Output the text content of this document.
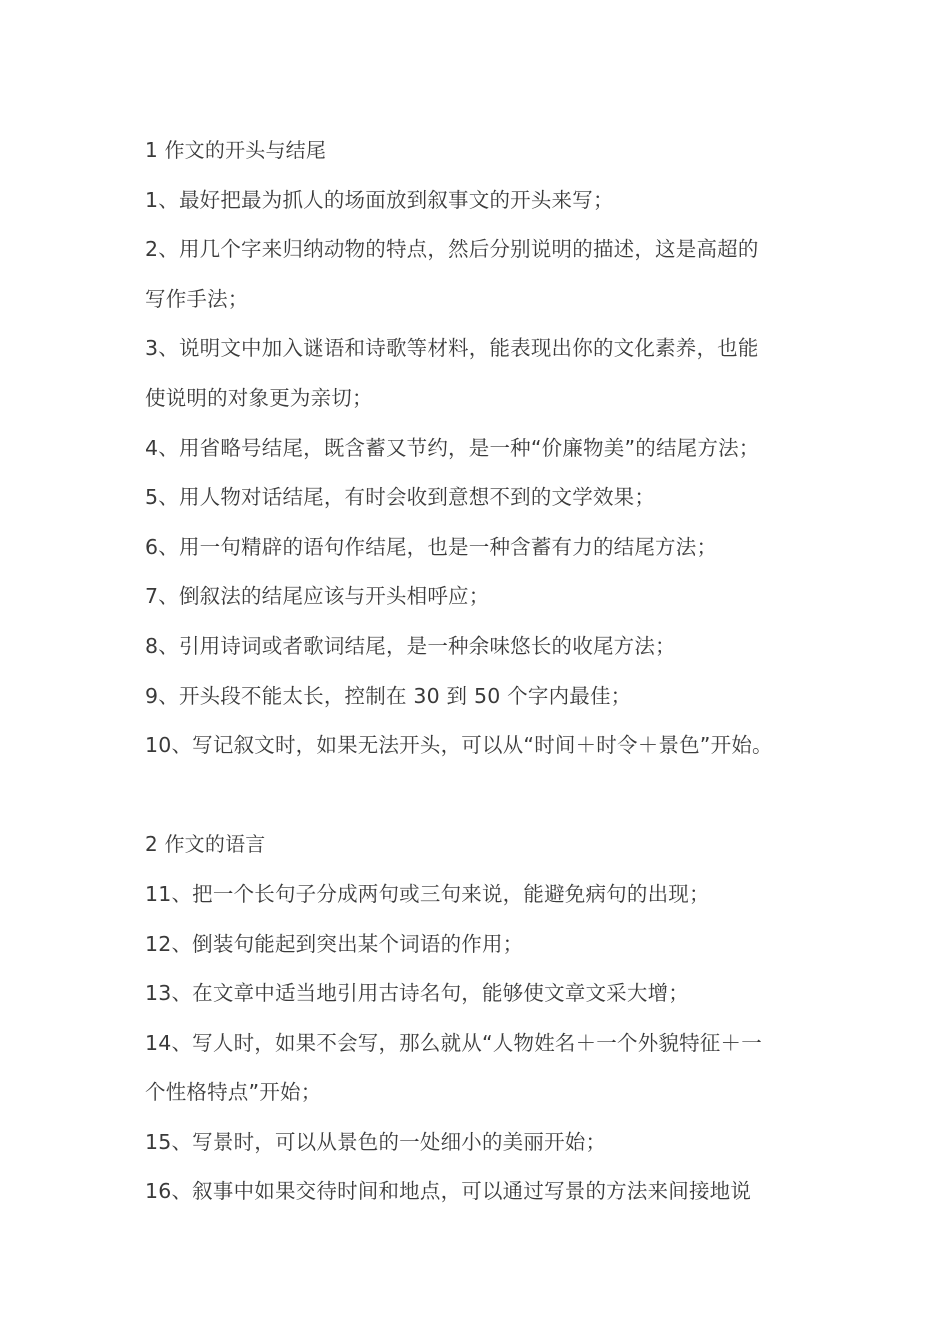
1 作文的开头与结尾
1、最好把最为抓人的场面放到叙事文的开头来写；
2、用几个字来归纳动物的特点，然后分别说明的描述，这是高超的
写作手法；
3、说明文中加入谜语和诗歌等材料，能表现出你的文化素养，也能
使说明的对象更为亲切；
4、用省略号结尾，既含蓄又节约，是一种“价廉物美”的结尾方法；
5、用人物对话结尾，有时会收到意想不到的文学效果；
6、用一句精辟的语句作结尾，也是一种含蓄有力的结尾方法；
7、倒叙法的结尾应该与开头相呼应；
8、引用诗词或者歌词结尾，是一种余味悠长的收尾方法；
9、开头段不能太长，控制在 30 到 50 个字内最佳；
10、写记叙文时，如果无法开头，可以从“时间＋时令＋景色”开始。
2 作文的语言
11、把一个长句子分成两句或三句来说，能避免病句的出现；
12、倒装句能起到突出某个词语的作用；
13、在文章中适当地引用古诗名句，能够使文章文采大增；
14、写人时，如果不会写，那么就从“人物姓名＋一个外貌特征＋一
个性格特点”开始；
15、写景时，可以从景色的一处细小的美丽开始；
16、叙事中如果交待时间和地点，可以通过写景的方法来间接地说
